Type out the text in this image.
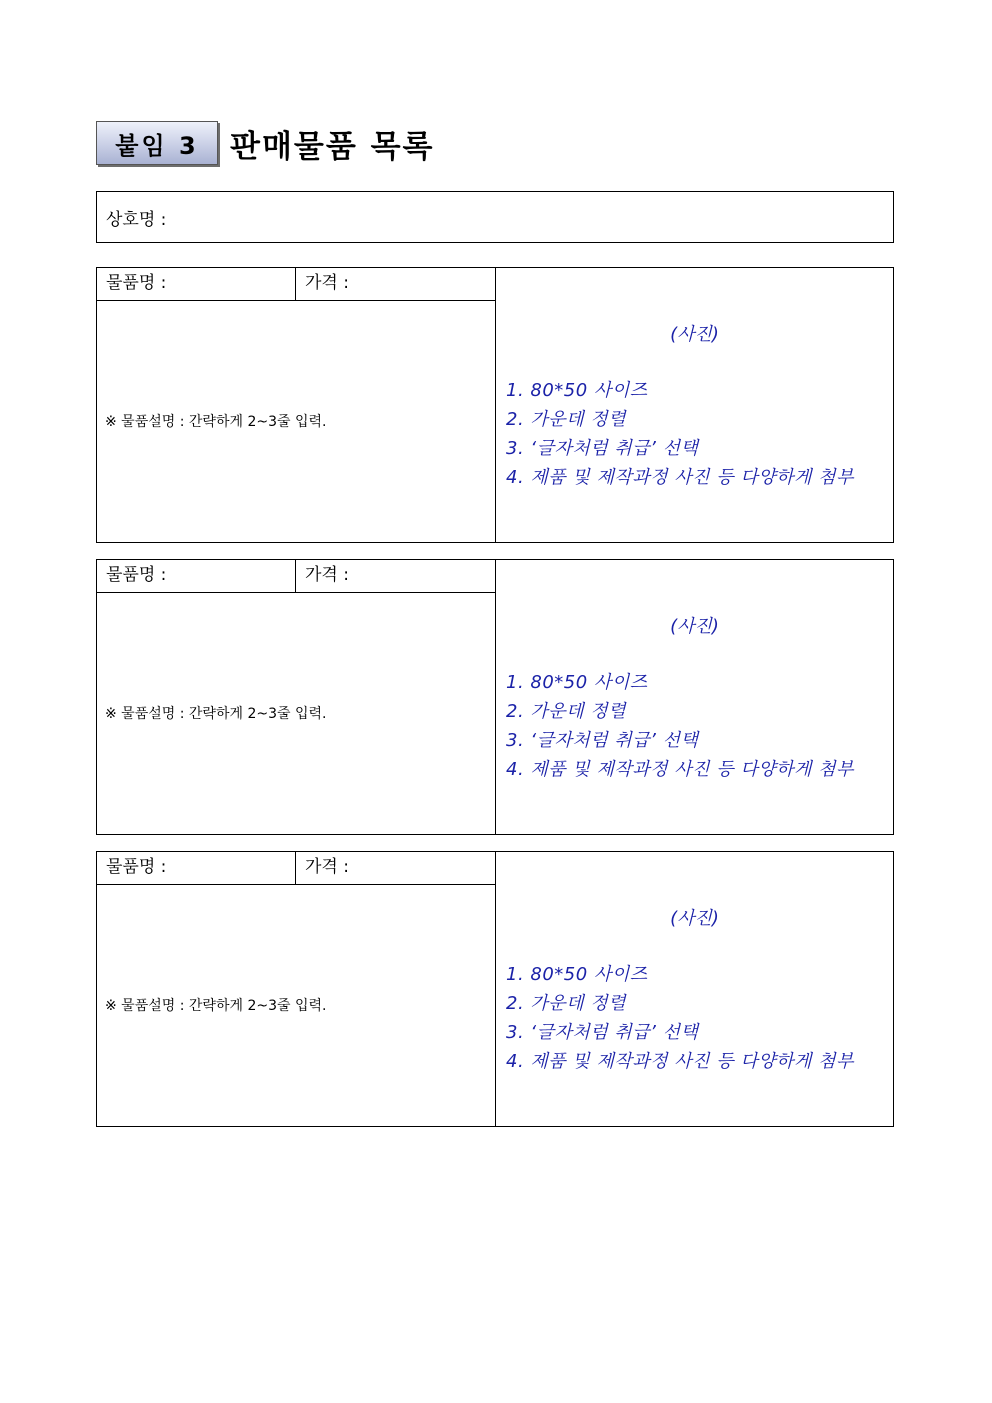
붙임 3	판매물품 목록
상호명 :
물품명 :	가격 :
※ 물품설명 : 간략하게 2~3줄 입력.
(사진)
1. 80*50 사이즈
2. 가운데 정렬
3. ‘글자처럼 취급’ 선택
4. 제품 및 제작과정 사진 등 다양하게 첨부
물품명 :	가격 :
※ 물품설명 : 간략하게 2~3줄 입력.
(사진)
1. 80*50 사이즈
2. 가운데 정렬
3. ‘글자처럼 취급’ 선택
4. 제품 및 제작과정 사진 등 다양하게 첨부
물품명 :	가격 :
※ 물품설명 : 간략하게 2~3줄 입력.
(사진)
1. 80*50 사이즈
2. 가운데 정렬
3. ‘글자처럼 취급’ 선택
4. 제품 및 제작과정 사진 등 다양하게 첨부
